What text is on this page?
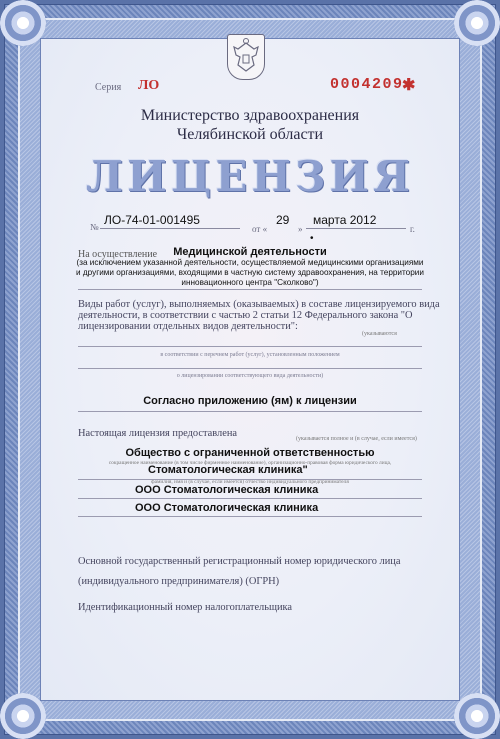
Серия ЛО	0004209
✱
Министерство здравоохранения
Челябинской области
ЛИЦЕНЗИЯ
№ ЛО-74-01-001495
от «
29
»
марта 2012
г.
•
На осуществление	Медицинской деятельности
(за исключением указанной деятельности, осуществляемой медицинскими организациями
и другими организациями, входящими в частную систему здравоохранения, на территории
инновационного центра "Сколково")
Виды работ (услуг), выполняемых (оказываемых) в составе лицензируемого вида
деятельности, в соответствии с частью 2 статьи 12 Федерального закона "О
лицензировании отдельных видов деятельности":
(указываются
в соответствии с перечнем работ (услуг), установленным положением
о лицензировании соответствующего вида деятельности)
Согласно приложению (ям) к лицензии
Настоящая лицензия предоставлена	(указывается полное и (в случае, если имеется)
Общество с ограниченной ответственностью
сокращенное наименование (в том числе фирменное наименование), организационно-правовая форма юридического лица,
Стоматологическая клиника"
фамилия, имя и (в случае, если имеется) отчество индивидуального предпринимателя
ООО Стоматологическая клиника
ООО Стоматологическая клиника
Основной государственный регистрационный номер юридического лица
(индивидуального предпринимателя) (ОГРН)
Идентификационный номер налогоплательщика
